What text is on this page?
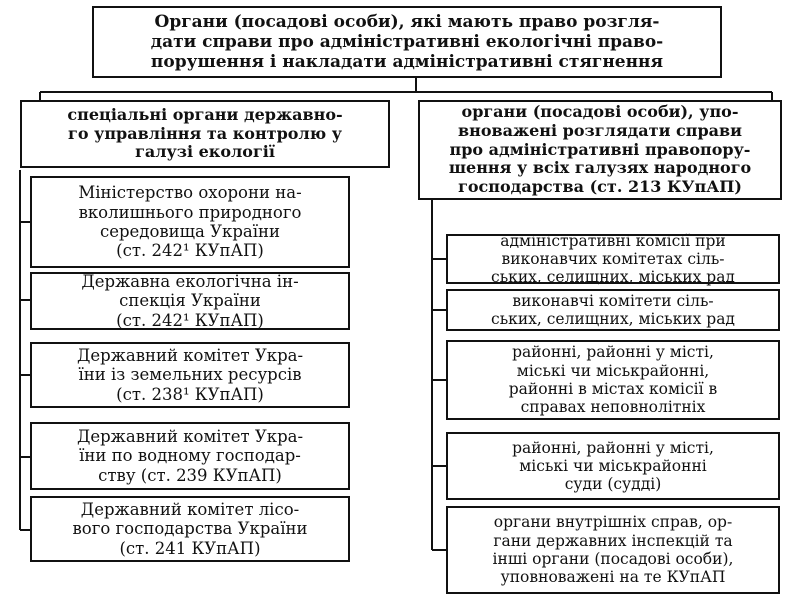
Органи (посадові особи), які мають право розгля-
дати справи про адміністративні екологічні право-
порушення і накладати адміністративні стягнення
спеціальні органи державно-
го управління та контролю у
галузі екології
Міністерство охорони на-
вколишнього природного
середовища України
(ст. 242¹ КУпАП)
Державна екологічна ін-
спекція України
(ст. 242¹ КУпАП)
Державний комітет Укра-
їни із земельних ресурсів
(ст. 238¹ КУпАП)
Державний комітет Укра-
їни по водному господар-
ству (ст. 239 КУпАП)
Державний комітет лісо-
вого господарства України
(ст. 241 КУпАП)
органи (посадові особи), упо-
вноважені розглядати справи
про адміністративні правопору-
шення у всіх галузях народного
господарства (ст. 213 КУпАП)
адміністративні комісії при
виконавчих комітетах сіль-
ських, селищних, міських рад
виконавчі комітети сіль-
ських, селищних, міських рад
районні, районні у місті,
міські чи міськрайонні,
районні в містах комісії в
справах неповнолітніх
районні, районні у місті,
міські чи міськрайонні
суди (судді)
органи внутрішніх справ, ор-
гани державних інспекцій та
інші органи (посадові особи),
уповноважені на те КУпАП
